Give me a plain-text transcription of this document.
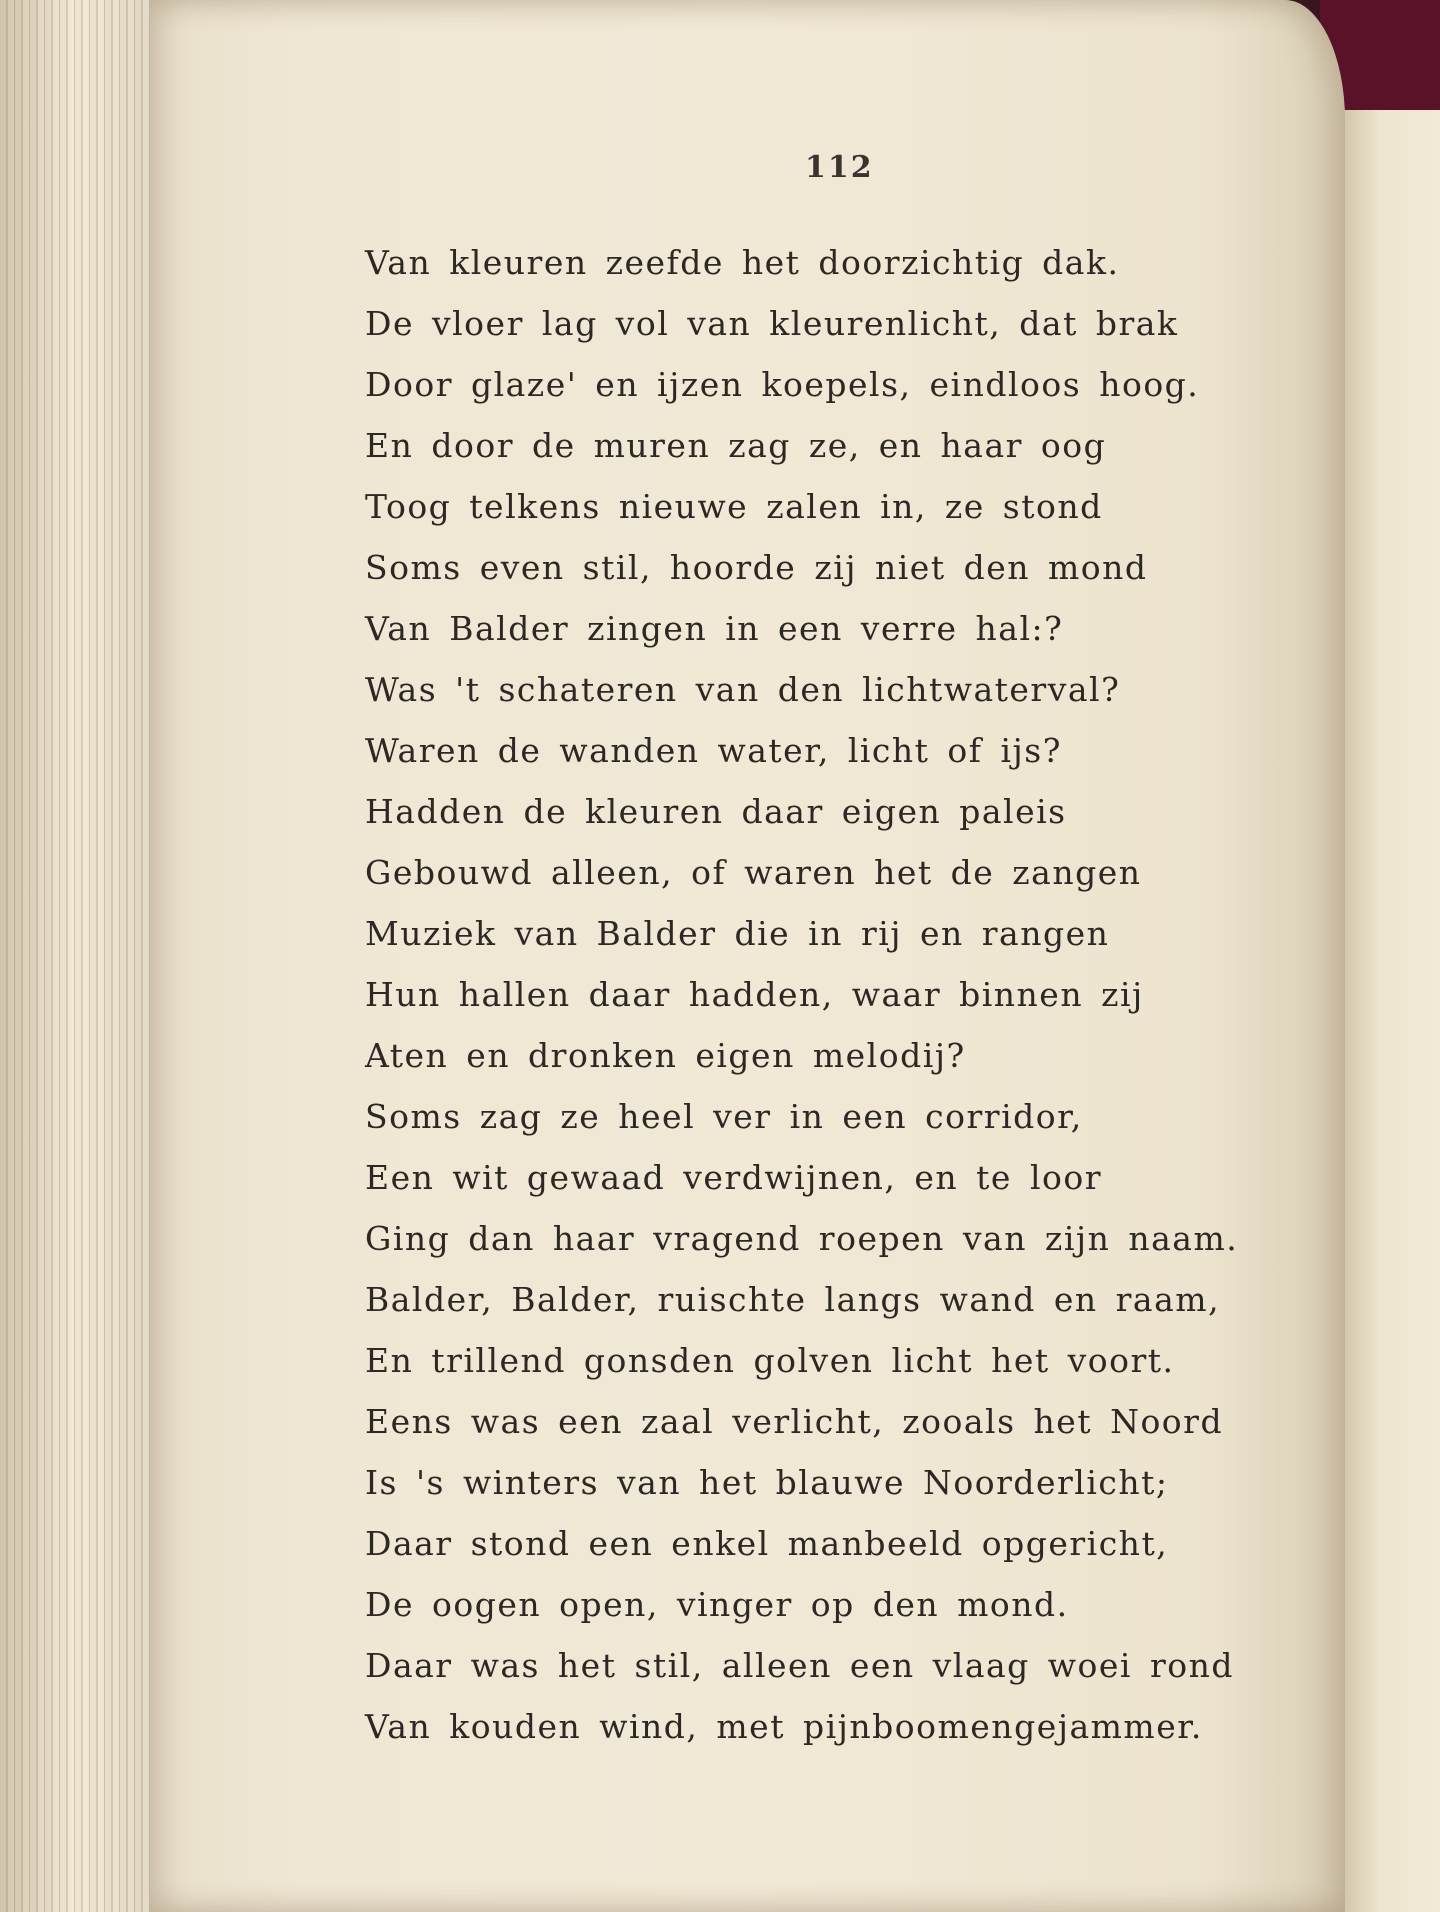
112
Van kleuren zeefde het doorzichtig dak.
De vloer lag vol van kleurenlicht, dat brak
Door glaze' en ijzen koepels, eindloos hoog.
En door de muren zag ze, en haar oog
Toog telkens nieuwe zalen in, ze stond
Soms even stil, hoorde zij niet den mond
Van Balder zingen in een verre hal:?
Was 't schateren van den lichtwaterval?
Waren de wanden water, licht of ijs?
Hadden de kleuren daar eigen paleis
Gebouwd alleen, of waren het de zangen
Muziek van Balder die in rij en rangen
Hun hallen daar hadden, waar binnen zij
Aten en dronken eigen melodij?
Soms zag ze heel ver in een corridor,
Een wit gewaad verdwijnen, en te loor
Ging dan haar vragend roepen van zijn naam.
Balder, Balder, ruischte langs wand en raam,
En trillend gonsden golven licht het voort.
Eens was een zaal verlicht, zooals het Noord
Is 's winters van het blauwe Noorderlicht;
Daar stond een enkel manbeeld opgericht,
De oogen open, vinger op den mond.
Daar was het stil, alleen een vlaag woei rond
Van kouden wind, met pijnboomengejammer.
